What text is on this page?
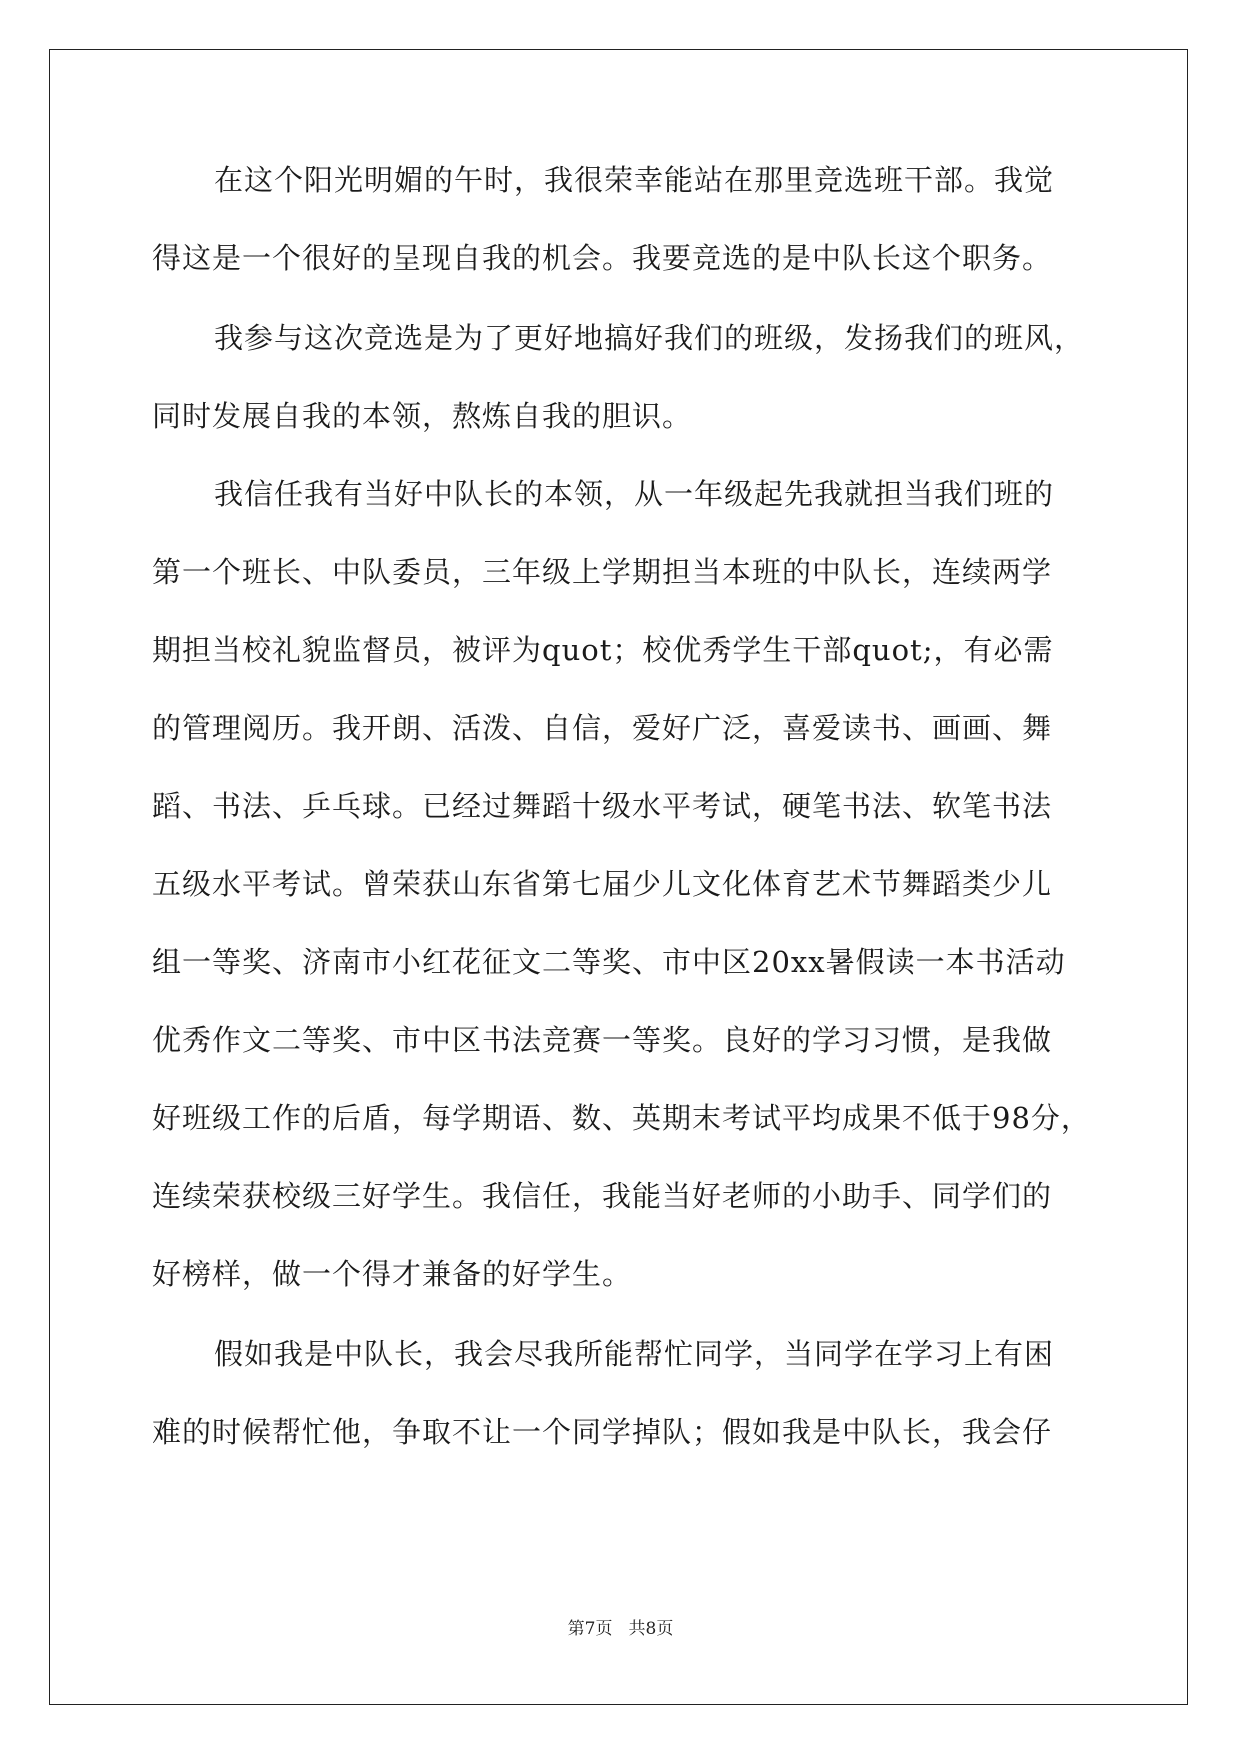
在这个阳光明媚的午时，我很荣幸能站在那里竞选班干部。我觉
得这是一个很好的呈现自我的机会。我要竞选的是中队长这个职务。
我参与这次竞选是为了更好地搞好我们的班级，发扬我们的班风，
同时发展自我的本领，熬炼自我的胆识。
我信任我有当好中队长的本领，从一年级起先我就担当我们班的
第一个班长、中队委员，三年级上学期担当本班的中队长，连续两学
期担当校礼貌监督员，被评为quot；校优秀学生干部quot;，有必需
的管理阅历。我开朗、活泼、自信，爱好广泛，喜爱读书、画画、舞
蹈、书法、乒乓球。已经过舞蹈十级水平考试，硬笔书法、软笔书法
五级水平考试。曾荣获山东省第七届少儿文化体育艺术节舞蹈类少儿
组一等奖、济南市小红花征文二等奖、市中区20xx暑假读一本书活动
优秀作文二等奖、市中区书法竞赛一等奖。良好的学习习惯，是我做
好班级工作的后盾，每学期语、数、英期末考试平均成果不低于98分，
连续荣获校级三好学生。我信任，我能当好老师的小助手、同学们的
好榜样，做一个得才兼备的好学生。
假如我是中队长，我会尽我所能帮忙同学，当同学在学习上有困
难的时候帮忙他，争取不让一个同学掉队；假如我是中队长，我会仔
第7页 共8页
